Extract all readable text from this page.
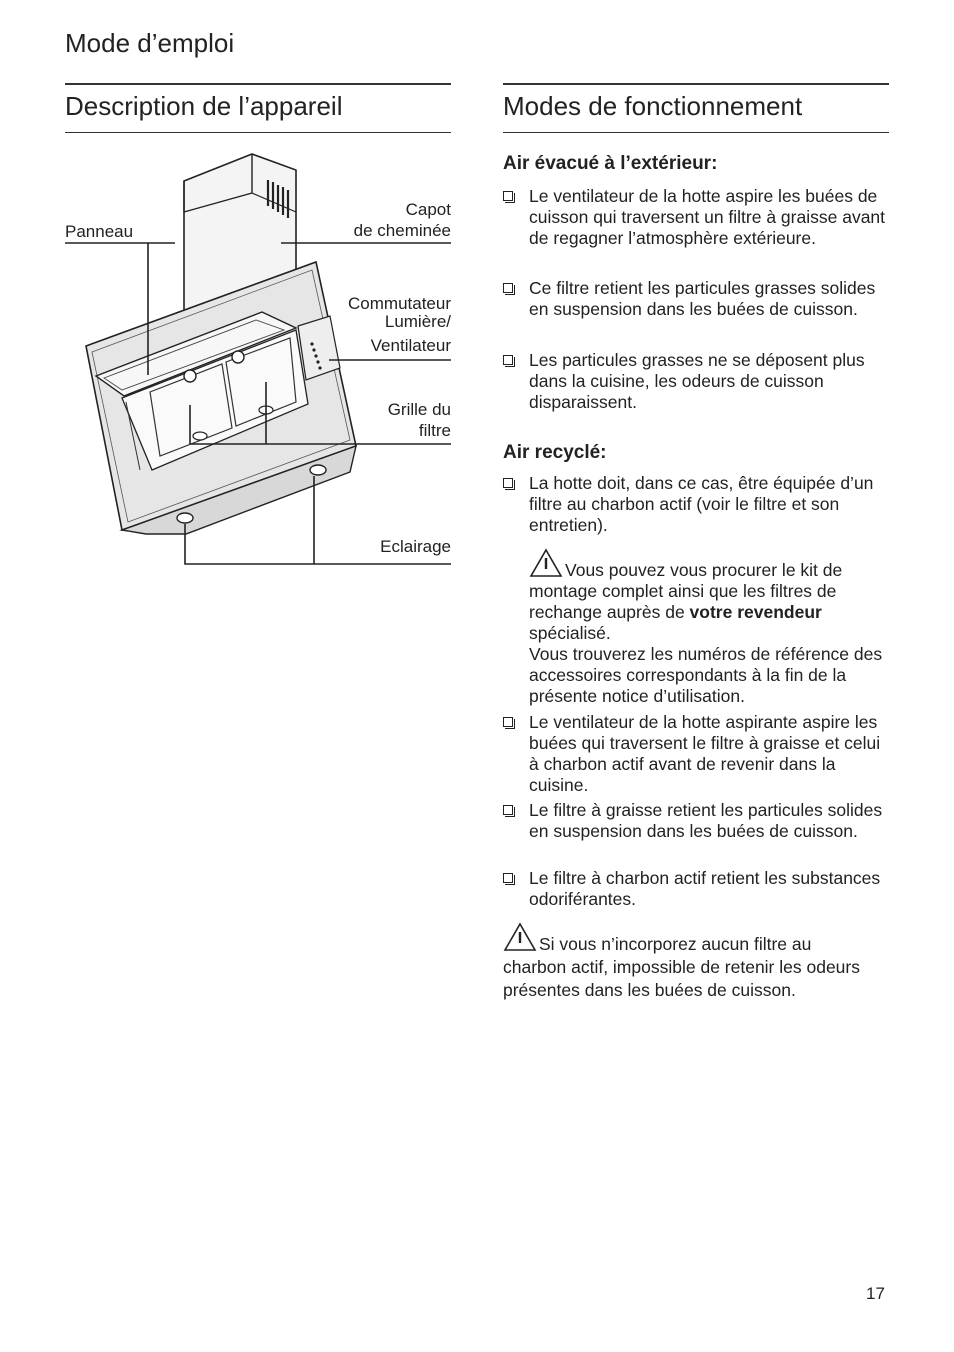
Mode d’emploi
Description de l’appareil	Modes de fonctionnement
Capot
de cheminée
Panneau
Commutateur
Lumière/
Ventilateur
Grille du
filtre
Eclairage
Air évacué à l’extérieur:
Le ventilateur de la hotte aspire les buées de cuisson qui traversent un filtre à graisse avant de regagner l’atmosphère extérieure.
Ce filtre retient les particules grasses solides en suspension dans les buées de cuisson.
Les particules grasses ne se déposent plus dans la cuisine, les odeurs de cuisson disparaissent.
Air recyclé:
La hotte doit, dans ce cas, être équipée d’un filtre au charbon actif (voir le filtre et son entretien).
Vous pouvez vous procurer le kit de montage complet ainsi que les filtres de rechange auprès de votre revendeur spécialisé.
Vous trouverez les numéros de référence des accessoires correspondants à la fin de la présente notice d’utilisation.
Le ventilateur de la hotte aspirante aspire les buées qui traversent le filtre à graisse et celui à charbon actif avant de revenir dans la cuisine.
Le filtre à graisse retient les particules solides en suspension dans les buées de cuisson.
Le filtre à charbon actif retient les substances odoriférantes.
Si vous n’incorporez aucun filtre au charbon actif, impossible de retenir les odeurs présentes dans les buées de cuisson.
17
